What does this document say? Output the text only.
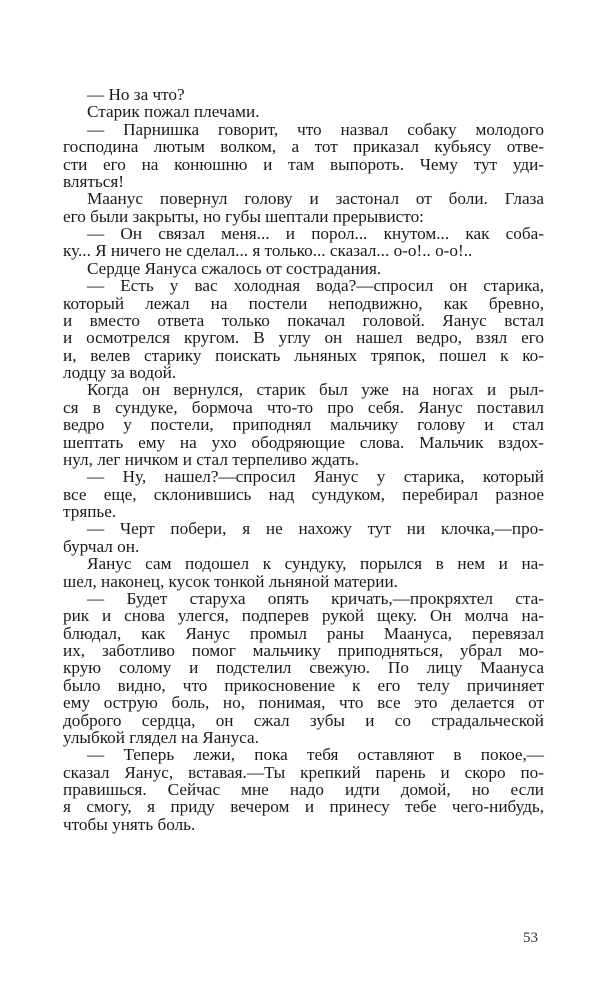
— Но за что?
Старик пожал плечами.
— Парнишка говорит, что назвал собаку молодого
господина лютым волком, а тот приказал кубьясу отве-
сти его на конюшню и там выпороть. Чему тут уди-
вляться!
Маанус повернул голову и застонал от боли. Глаза
его были закрыты, но губы шептали прерывисто:
— Он связал меня... и порол... кнутом... как соба-
ку... Я ничего не сделал... я только... сказал... о-о!.. о-о!..
Сердце Яануса сжалось от сострадания.
— Есть у вас холодная вода?—спросил он старика,
который лежал на постели неподвижно, как бревно,
и вместо ответа только покачал головой. Яанус встал
и осмотрелся кругом. В углу он нашел ведро, взял его
и, велев старику поискать льняных тряпок, пошел к ко-
лодцу за водой.
Когда он вернулся, старик был уже на ногах и рыл-
ся в сундуке, бормоча что-то про себя. Яанус поставил
ведро у постели, приподнял мальчику голову и стал
шептать ему на ухо ободряющие слова. Мальчик вздох-
нул, лег ничком и стал терпеливо ждать.
— Ну, нашел?—спросил Яанус у старика, который
все еще, склонившись над сундуком, перебирал разное
тряпье.
— Черт побери, я не нахожу тут ни клочка,—про-
бурчал он.
Яанус сам подошел к сундуку, порылся в нем и на-
шел, наконец, кусок тонкой льняной материи.
— Будет старуха опять кричать,—прокряхтел ста-
рик и снова улегся, подперев рукой щеку. Он молча на-
блюдал, как Яанус промыл раны Маануса, перевязал
их, заботливо помог мальчику приподняться, убрал мо-
крую солому и подстелил свежую. По лицу Маануса
было видно, что прикосновение к его телу причиняет
ему острую боль, но, понимая, что все это делается от
доброго сердца, он сжал зубы и со страдальческой
улыбкой глядел на Яануса.
— Теперь лежи, пока тебя оставляют в покое,—
сказал Яанус, вставая.—Ты крепкий парень и скоро по-
правишься. Сейчас мне надо идти домой, но если
я смогу, я приду вечером и принесу тебе чего-нибудь,
чтобы унять боль.
53
